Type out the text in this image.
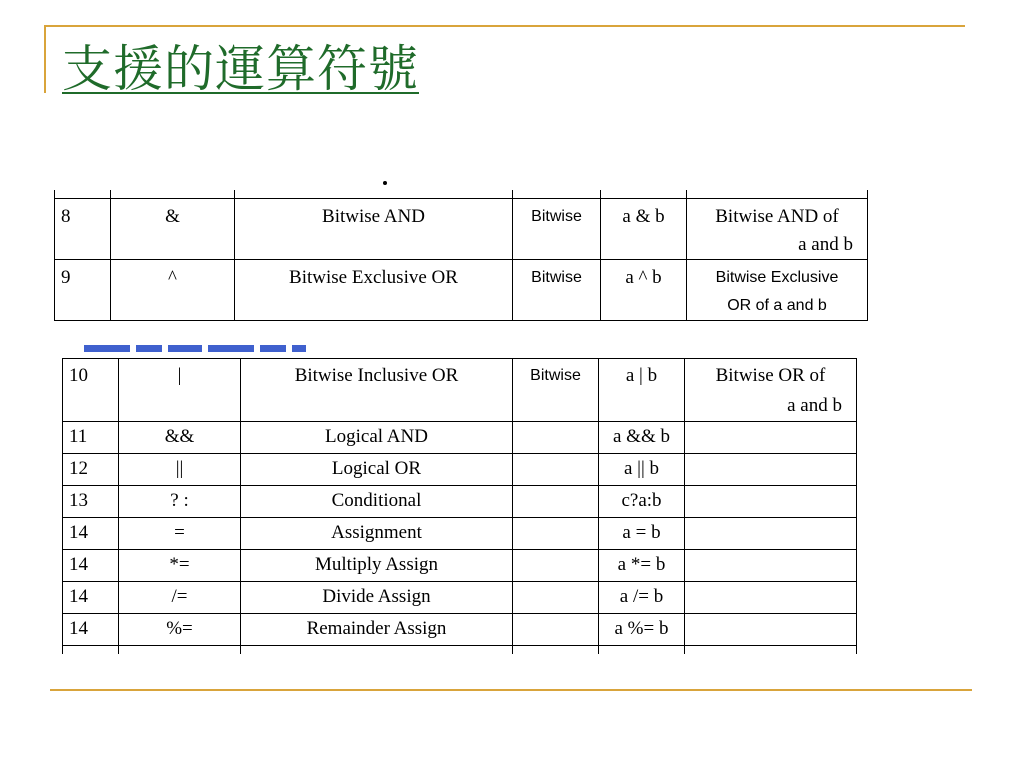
支援的運算符號

8	&	Bitwise AND	Bitwise	a & b	Bitwise AND of
a and b

9	^	Bitwise Exclusive OR	Bitwise	a ^ b	Bitwise Exclusive
OR of a and b
10	|	Bitwise Inclusive OR	Bitwise	a | b	Bitwise OR of
a and b

11	&&	Logical AND		a && b	
12	||	Logical OR		a || b	
13	? :	Conditional		c?a:b	
14	=	Assignment		a = b	
14	*=	Multiply Assign		a *= b	
14	/=	Divide Assign		a /= b	
14	%=	Remainder Assign		a %= b	
